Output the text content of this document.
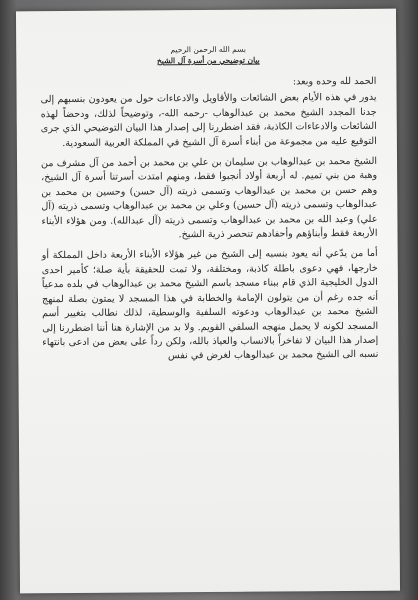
بسم الله الرحمن الرحيم

بيان توضيحي من أسرة آل الشيخ

الحمد لله وحده وبعد:

يدور في هذه الأيام بعض الشائعات والأقاويل والادعاءات حول من يعودون بنسبهم إلى جدنا المجدد الشيخ محمد بن عبدالوهاب -رحمه الله-، وتوضيحاً لذلك، ودحضاً لهذه الشائعات والادعاءات الكاذبة، فقد اضطررنا إلى إصدار هذا البيان التوضيحي الذي جرى التوقيع عليه من مجموعة من أبناء أسرة آل الشيخ في المملكة العربية السعودية.

الشيخ محمد بن عبدالوهاب بن سليمان بن علي بن محمد بن أحمد من آل مشرف من وهبة من بني تميم. له أربعة أولاد أنجبوا فقط، ومنهم امتدت أسرتنا أسرة آل الشيخ، وهم حسن بن محمد بن عبدالوهاب وتسمى ذريته (آل حسن) وحسين بن محمد بن عبدالوهاب وتسمى ذريته (آل حسين) وعلي بن محمد بن عبدالوهاب وتسمى ذريته (آل علي) وعبد الله بن محمد بن عبدالوهاب وتسمى ذريته (آل عبدالله). ومن هؤلاء الأبناء الأربعة فقط وأبناؤهم وأحفادهم تنحصر ذرية الشيخ.

أما من يدّعي أنه يعود بنسبه إلى الشيخ من غير هؤلاء الأبناء الأربعة داخل المملكة أو خارجها، فهي دعوى باطلة كاذبة، ومختلقة، ولا تمت للحقيقة بأية صلة؛ كأمير احدى الدول الخليجية الذي قام ببناء مسجد باسم الشيخ محمد بن عبدالوهاب في بلده مدعياً أنه جده رغم أن من يتولون الإمامة والخطابة في هذا المسجد لا يمتون بصلة لمنهج الشيخ محمد بن عبدالوهاب ودعوته السلفية والوسطية، لذلك نطالب بتغيير أسم المسجد لكونه لا يحمل منهجه السلفي القويم. ولا بد من الإشارة هنا أننا اضطررنا إلى إصدار هذا البيان لا تفاخراً بالانساب والعياذ بالله، ولكن رداً على بعض من ادعى بانتهاء نسبه الى الشيخ محمد بن عبدالوهاب لغرض في نفس
